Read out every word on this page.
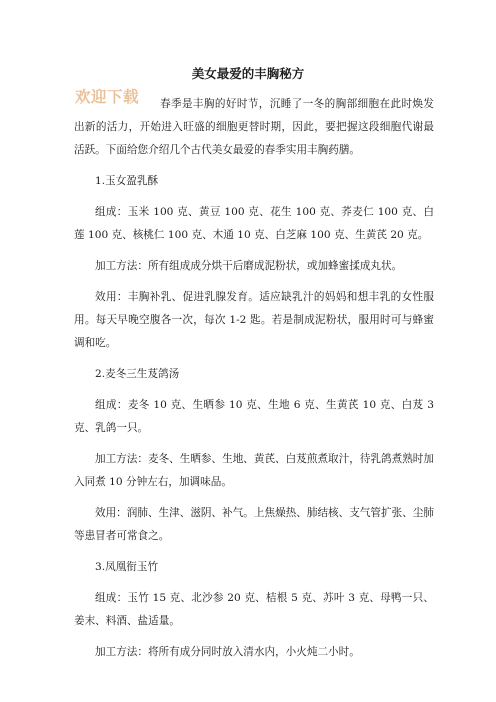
美女最爱的丰胸秘方
欢迎下载	春季是丰胸的好时节，沉睡了一冬的胸部细胞在此时焕发出新的活力，开始进入旺盛的细胞更替时期，因此，要把握这段细胞代谢最活跃。下面给您介绍几个古代美女最爱的春季实用丰胸药膳。

1.玉女盈乳酥

组成：玉米 100 克、黄豆 100 克、花生 100 克、荞麦仁 100 克、白莲 100 克、核桃仁 100 克、木通 10 克、白芝麻 100 克、生黄芪 20 克。

加工方法：所有组成成分烘干后磨成泥粉状，或加蜂蜜揉成丸状。

效用：丰胸补乳、促进乳腺发育。适应缺乳汁的妈妈和想丰乳的女性服用。每天早晚空腹各一次，每次 1-2 匙。若是制成泥粉状，服用时可与蜂蜜调和吃。

2.麦冬三生芨鸽汤

组成：麦冬 10 克、生晒参 10 克、生地 6 克、生黄芪 10 克、白芨 3 克、乳鸽一只。

加工方法：麦冬、生晒参、生地、黄芪、白芨煎煮取汁，待乳鸽煮熟时加入同煮 10 分钟左右，加调味品。

效用：润肺、生津、滋阴、补气。上焦燥热、肺结核、支气管扩张、尘肺等患冒者可常食之。

3.凤凰衔玉竹

组成：玉竹 15 克、北沙参 20 克、桔根 5 克、苏叶 3 克、母鸭一只、姜末、料酒、盐适量。

加工方法：将所有成分同时放入清水内，小火炖二小时。
